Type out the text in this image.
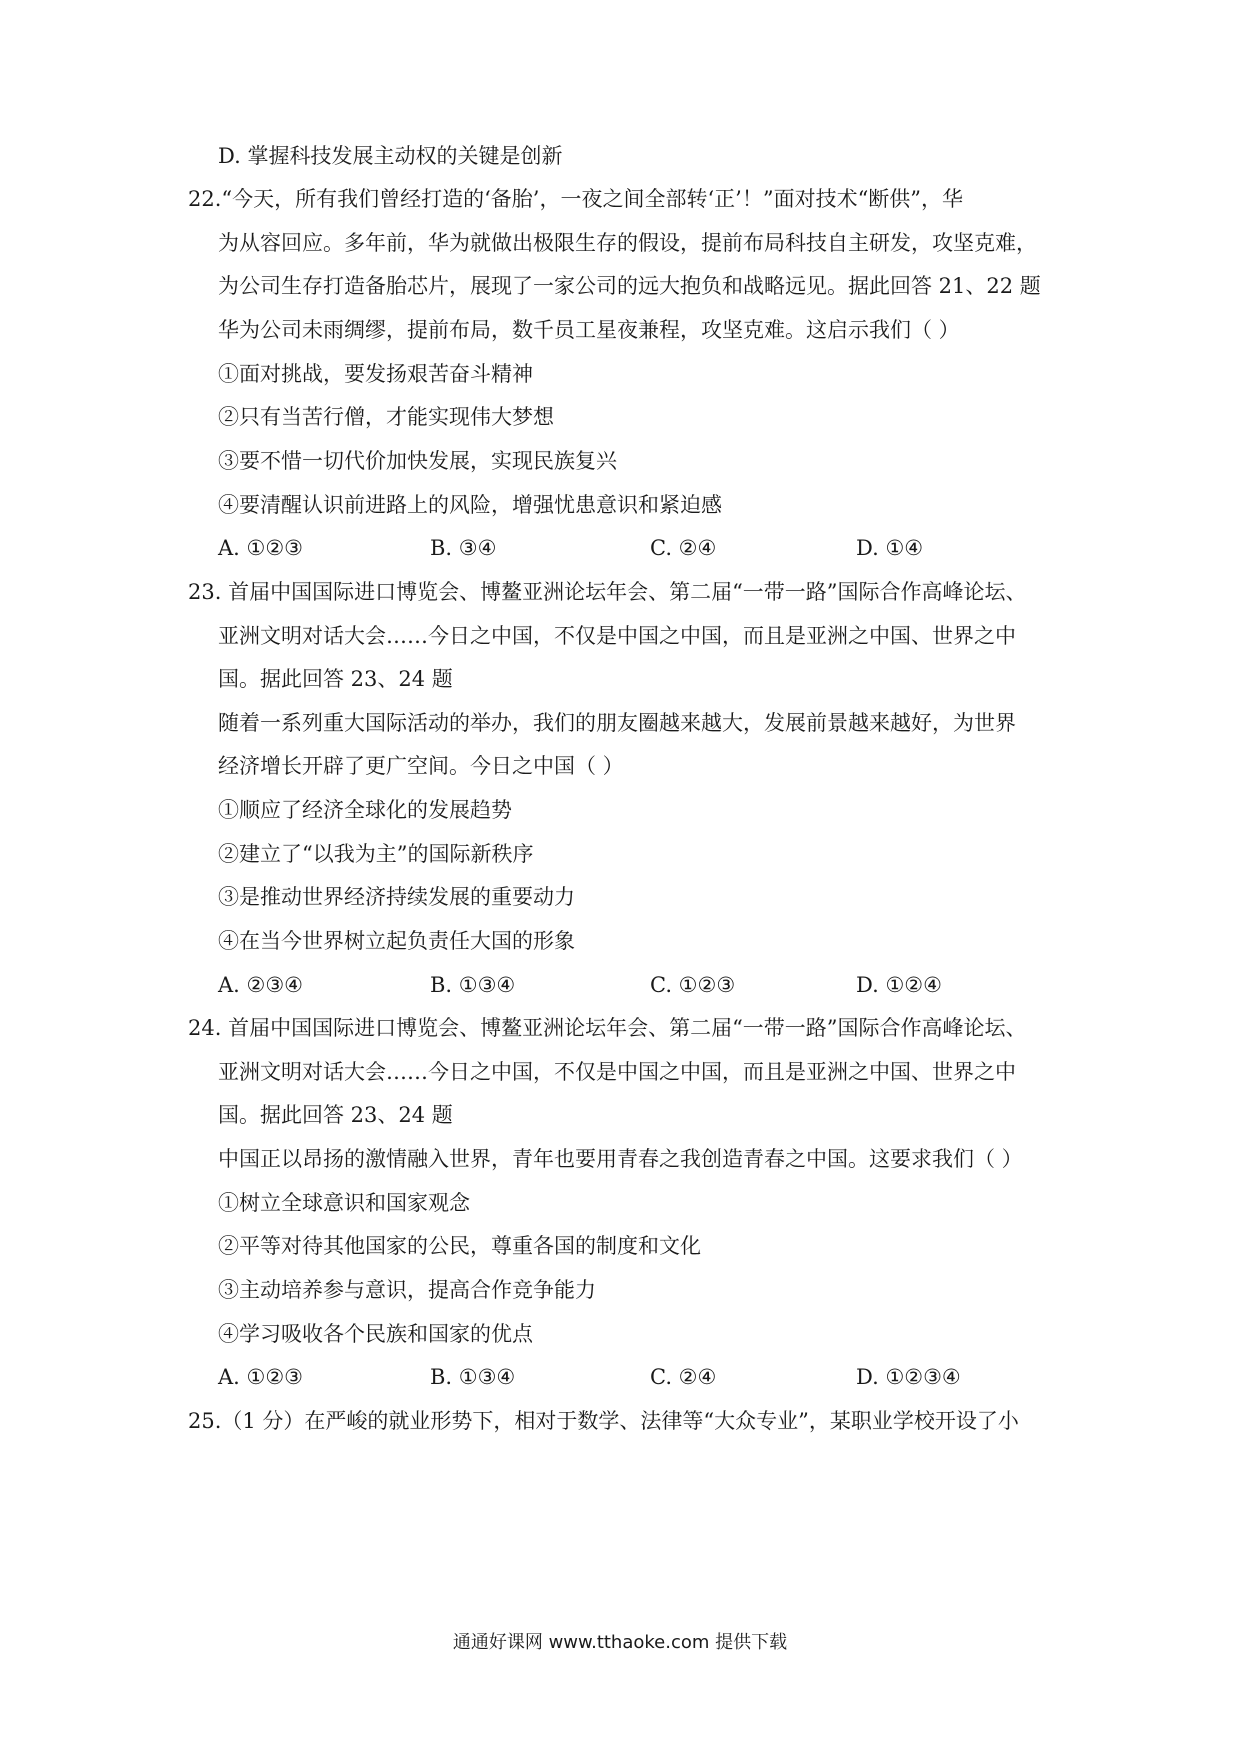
D. 掌握科技发展主动权的关键是创新
22.“今天，所有我们曾经打造的‘备胎’，一夜之间全部转‘正’！”面对技术“断供”，华
为从容回应。多年前，华为就做出极限生存的假设，提前布局科技自主研发，攻坚克难，
为公司生存打造备胎芯片，展现了一家公司的远大抱负和战略远见。据此回答 21、22 题
华为公司未雨绸缪，提前布局，数千员工星夜兼程，攻坚克难。这启示我们（ ）
①面对挑战，要发扬艰苦奋斗精神
②只有当苦行僧，才能实现伟大梦想
③要不惜一切代价加快发展，实现民族复兴
④要清醒认识前进路上的风险，增强忧患意识和紧迫感
A. ①②③	B. ③④	C. ②④	D. ①④
23. 首届中国国际进口博览会、博鳌亚洲论坛年会、第二届“一带一路”国际合作高峰论坛、
亚洲文明对话大会……今日之中国，不仅是中国之中国，而且是亚洲之中国、世界之中
国。据此回答 23、24 题
随着一系列重大国际活动的举办，我们的朋友圈越来越大，发展前景越来越好，为世界
经济增长开辟了更广空间。今日之中国（ ）
①顺应了经济全球化的发展趋势
②建立了“以我为主”的国际新秩序
③是推动世界经济持续发展的重要动力
④在当今世界树立起负责任大国的形象
A. ②③④	B. ①③④	C. ①②③	D. ①②④
24. 首届中国国际进口博览会、博鳌亚洲论坛年会、第二届“一带一路”国际合作高峰论坛、
亚洲文明对话大会……今日之中国，不仅是中国之中国，而且是亚洲之中国、世界之中
国。据此回答 23、24 题
中国正以昂扬的激情融入世界，青年也要用青春之我创造青春之中国。这要求我们（ ）
①树立全球意识和国家观念
②平等对待其他国家的公民，尊重各国的制度和文化
③主动培养参与意识，提高合作竞争能力
④学习吸收各个民族和国家的优点
A. ①②③	B. ①③④	C. ②④	D. ①②③④
25.（1 分）在严峻的就业形势下，相对于数学、法律等“大众专业”，某职业学校开设了小
通通好课网 www.tthaoke.com 提供下载
